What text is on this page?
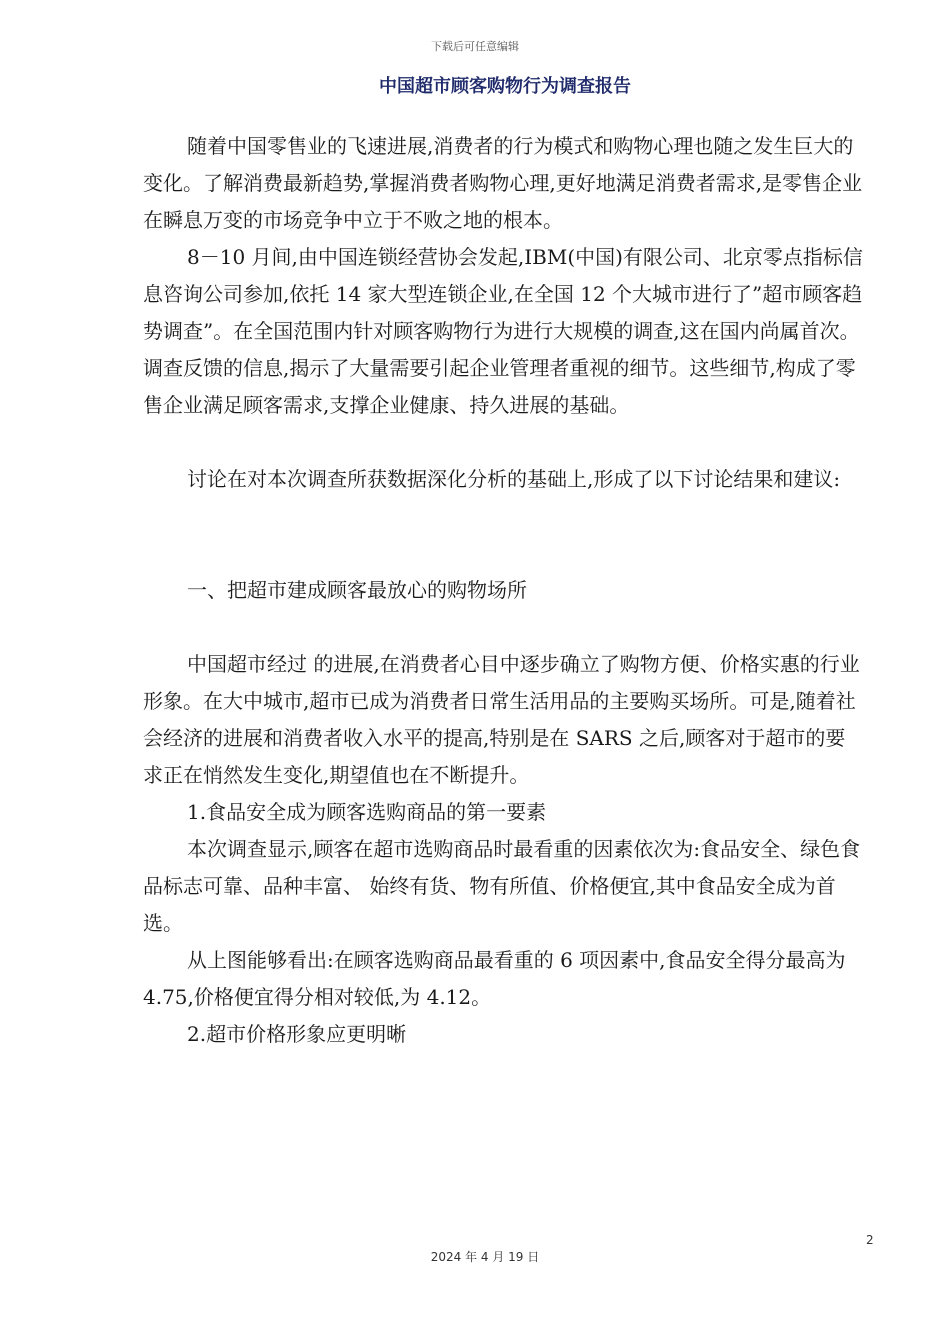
下载后可任意编辑
中国超市顾客购物行为调查报告

随着中国零售业的飞速进展,消费者的行为模式和购物心理也随之发生巨大的变化。了解消费最新趋势,掌握消费者购物心理,更好地满足消费者需求,是零售企业在瞬息万变的市场竞争中立于不败之地的根本。

8－10 月间,由中国连锁经营协会发起,IBM(中国)有限公司、北京零点指标信息咨询公司参加,依托 14 家大型连锁企业,在全国 12 个大城市进行了”超市顾客趋势调查”。在全国范围内针对顾客购物行为进行大规模的调查,这在国内尚属首次。调查反馈的信息,揭示了大量需要引起企业管理者重视的细节。这些细节,构成了零售企业满足顾客需求,支撑企业健康、持久进展的基础。

讨论在对本次调查所获数据深化分析的基础上,形成了以下讨论结果和建议:

一、把超市建成顾客最放心的购物场所

中国超市经过 的进展,在消费者心目中逐步确立了购物方便、价格实惠的行业形象。在大中城市,超市已成为消费者日常生活用品的主要购买场所。可是,随着社会经济的进展和消费者收入水平的提高,特别是在 SARS 之后,顾客对于超市的要求正在悄然发生变化,期望值也在不断提升。

1.食品安全成为顾客选购商品的第一要素

本次调查显示,顾客在超市选购商品时最看重的因素依次为:食品安全、绿色食品标志可靠、品种丰富、 始终有货、物有所值、价格便宜,其中食品安全成为首选。

从上图能够看出:在顾客选购商品最看重的 6 项因素中,食品安全得分最高为 4.75,价格便宜得分相对较低,为 4.12。

2.超市价格形象应更明晰

2
2024 年 4 月 19 日
